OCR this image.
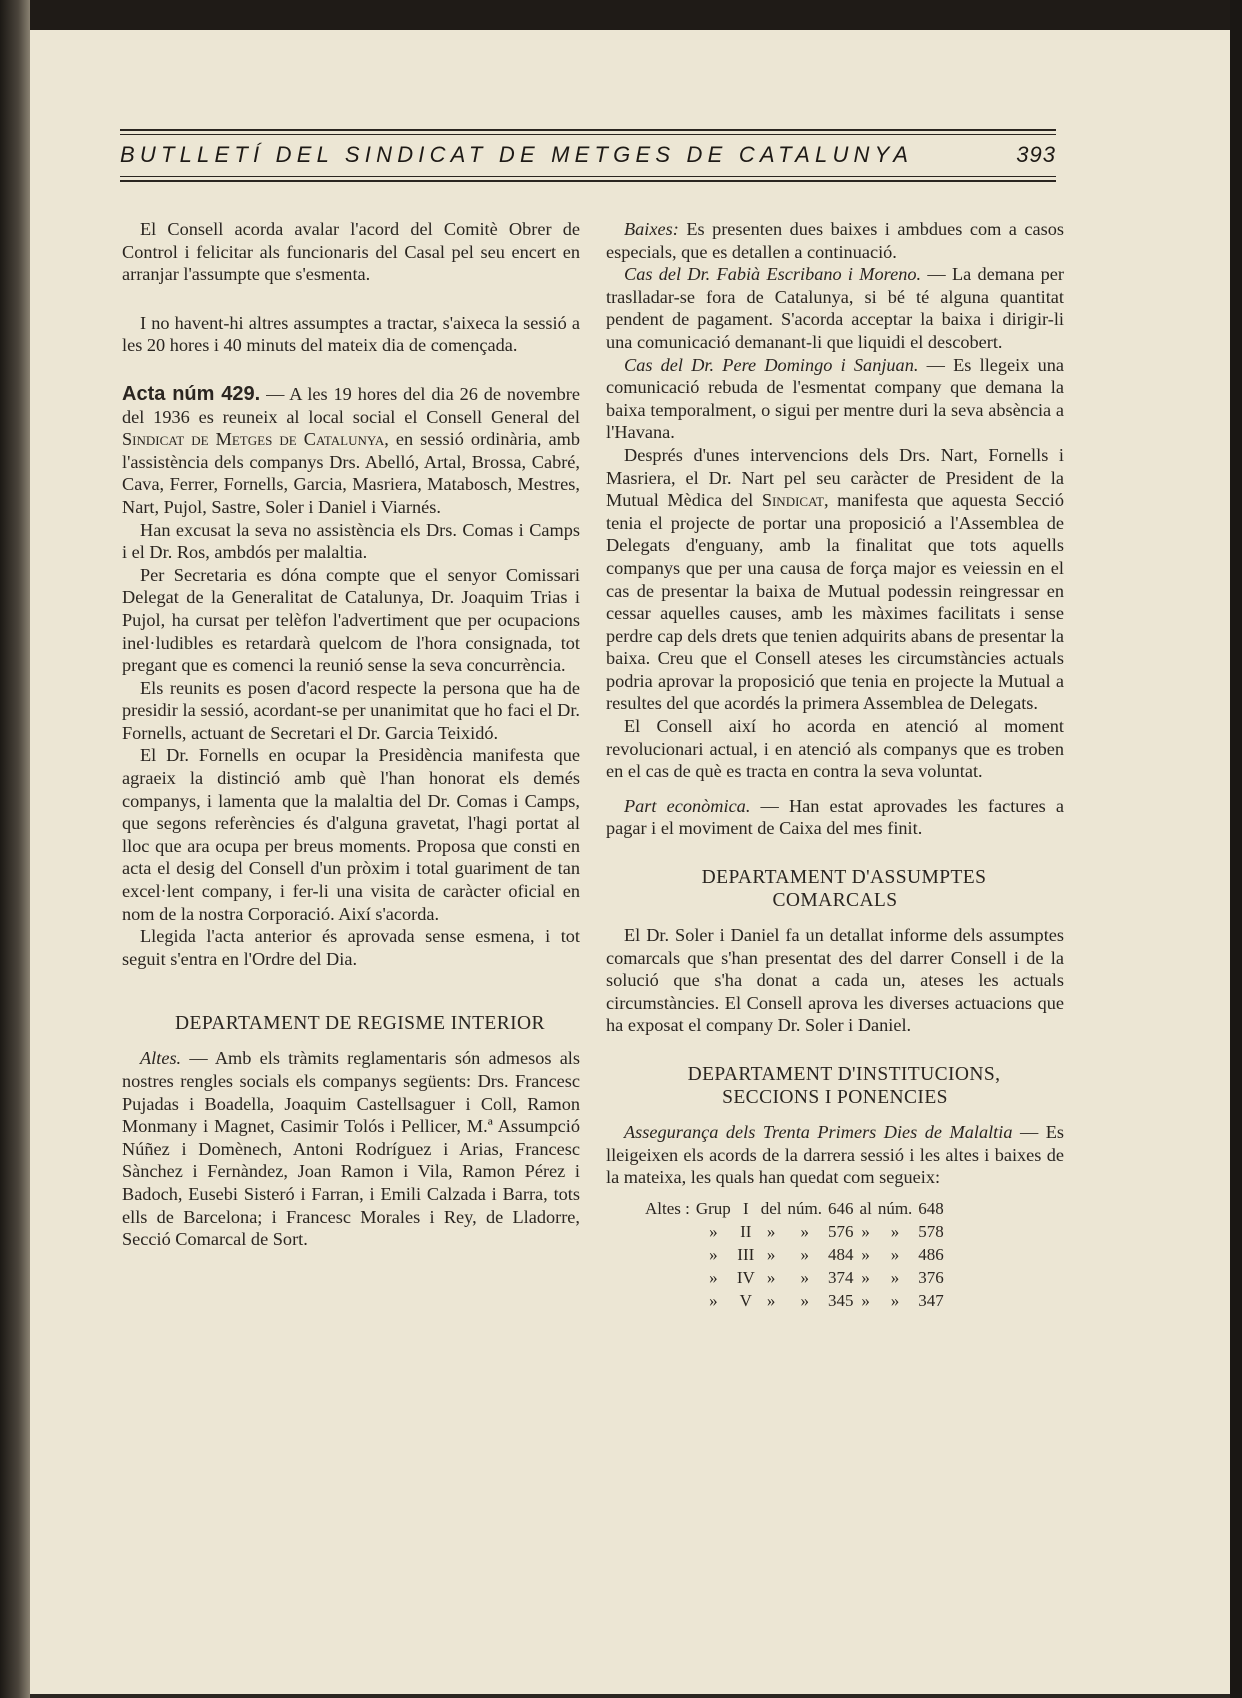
BUTLLETÍ DEL SINDICAT DE METGES DE CATALUNYA	393

El Consell acorda avalar l'acord del Comitè Obrer de Control i felicitar als funcionaris del Casal pel seu encert en arranjar l'assumpte que s'esmenta.

I no havent-hi altres assumptes a tractar, s'aixeca la sessió a les 20 hores i 40 minuts del mateix dia de començada.

Acta núm 429. — A les 19 hores del dia 26 de novembre del 1936 es reuneix al local social el Consell General del Sindicat de Metges de Catalunya, en sessió ordinària, amb l'assistència dels companys Drs. Abelló, Artal, Brossa, Cabré, Cava, Ferrer, Fornells, Garcia, Masriera, Matabosch, Mestres, Nart, Pujol, Sastre, Soler i Daniel i Viarnés.

Han excusat la seva no assistència els Drs. Comas i Camps i el Dr. Ros, ambdós per malaltia.

Per Secretaria es dóna compte que el senyor Comissari Delegat de la Generalitat de Catalunya, Dr. Joaquim Trias i Pujol, ha cursat per telèfon l'advertiment que per ocupacions inel·ludibles es retardarà quelcom de l'hora consignada, tot pregant que es comenci la reunió sense la seva concurrència.

Els reunits es posen d'acord respecte la persona que ha de presidir la sessió, acordant-se per unanimitat que ho faci el Dr. Fornells, actuant de Secretari el Dr. Garcia Teixidó.

El Dr. Fornells en ocupar la Presidència manifesta que agraeix la distinció amb què l'han honorat els demés companys, i lamenta que la malaltia del Dr. Comas i Camps, que segons referències és d'alguna gravetat, l'hagi portat al lloc que ara ocupa per breus moments. Proposa que consti en acta el desig del Consell d'un pròxim i total guariment de tan excel·lent company, i fer-li una visita de caràcter oficial en nom de la nostra Corporació. Així s'acorda.

Llegida l'acta anterior és aprovada sense esmena, i tot seguit s'entra en l'Ordre del Dia.

DEPARTAMENT DE REGISME INTERIOR

Altes. — Amb els tràmits reglamentaris són admesos als nostres rengles socials els companys següents: Drs. Francesc Pujadas i Boadella, Joaquim Castellsaguer i Coll, Ramon Monmany i Magnet, Casimir Tolós i Pellicer, M.ª Assumpció Núñez i Domènech, Antoni Rodríguez i Arias, Francesc Sànchez i Fernàndez, Joan Ramon i Vila, Ramon Pérez i Badoch, Eusebi Sisteró i Farran, i Emili Calzada i Barra, tots ells de Barcelona; i Francesc Morales i Rey, de Lladorre, Secció Comarcal de Sort.

Baixes: Es presenten dues baixes i ambdues com a casos especials, que es detallen a continuació.

Cas del Dr. Fabià Escribano i Moreno. — La demana per traslladar-se fora de Catalunya, si bé té alguna quantitat pendent de pagament. S'acorda acceptar la baixa i dirigir-li una comunicació demanant-li que liquidi el descobert.

Cas del Dr. Pere Domingo i Sanjuan. — Es llegeix una comunicació rebuda de l'esmentat company que demana la baixa temporalment, o sigui per mentre duri la seva absència a l'Havana.

Després d'unes intervencions dels Drs. Nart, Fornells i Masriera, el Dr. Nart pel seu caràcter de President de la Mutual Mèdica del Sindicat, manifesta que aquesta Secció tenia el projecte de portar una proposició a l'Assemblea de Delegats d'enguany, amb la finalitat que tots aquells companys que per una causa de força major es veiessin en el cas de presentar la baixa de Mutual podessin reingressar en cessar aquelles causes, amb les màximes facilitats i sense perdre cap dels drets que tenien adquirits abans de presentar la baixa. Creu que el Consell ateses les circumstàncies actuals podria aprovar la proposició que tenia en projecte la Mutual a resultes del que acordés la primera Assemblea de Delegats.

El Consell així ho acorda en atenció al moment revolucionari actual, i en atenció als companys que es troben en el cas de què es tracta en contra la seva voluntat.

Part econòmica. — Han estat aprovades les factures a pagar i el moviment de Caixa del mes finit.

DEPARTAMENT D'ASSUMPTES
COMARCALS

El Dr. Soler i Daniel fa un detallat informe dels assumptes comarcals que s'han presentat des del darrer Consell i de la solució que s'ha donat a cada un, ateses les actuals circumstàncies. El Consell aprova les diverses actuacions que ha exposat el company Dr. Soler i Daniel.

DEPARTAMENT D'INSTITUCIONS,
SECCIONS I PONENCIES

Assegurança dels Trenta Primers Dies de Malaltia — Es lleigeixen els acords de la darrera sessió i les altes i baixes de la mateixa, les quals han quedat com segueix:

Altes :	Grup	I	del	núm.	646	al	núm.	648
	»	II	»	»	576	»	»	578
	»	III	»	»	484	»	»	486
	»	IV	»	»	374	»	»	376
	»	V	»	»	345	»	»	347
